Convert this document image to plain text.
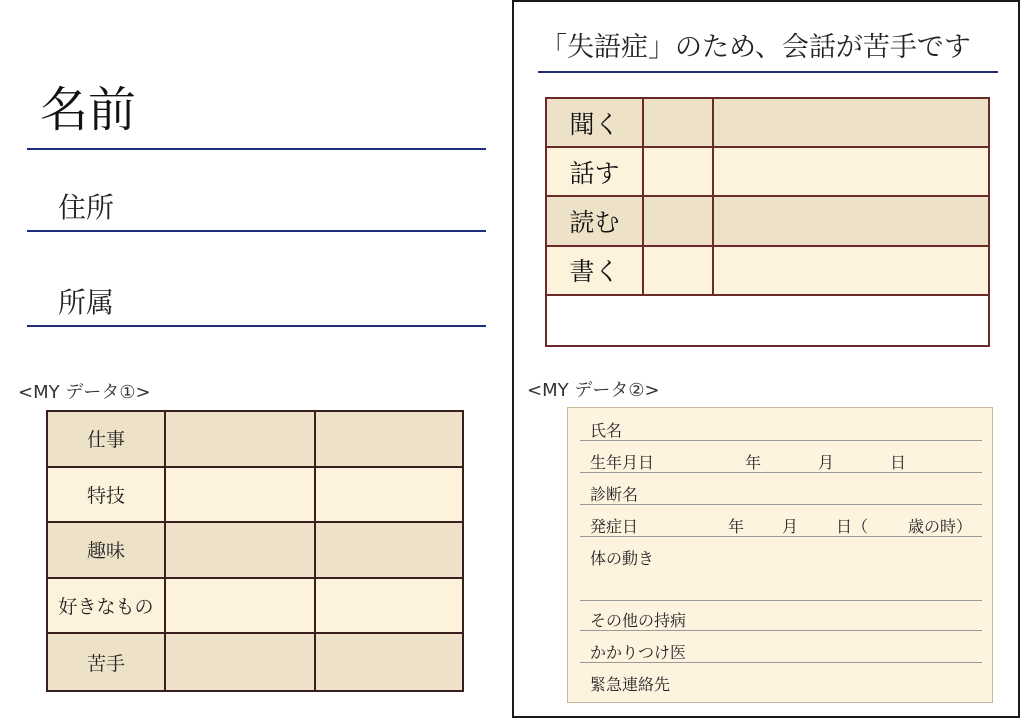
名前
住所
所属
<MY データ①>
仕事
特技
趣味
好きなもの
苦手
「失語症」のため、会話が苦手です
聞く
話す
読む
書く
<MY データ②>
氏名
生年月日	年	月	日
診断名
発症日	年 月 日（ 歳の時）
体の動き
その他の持病
かかりつけ医
緊急連絡先
